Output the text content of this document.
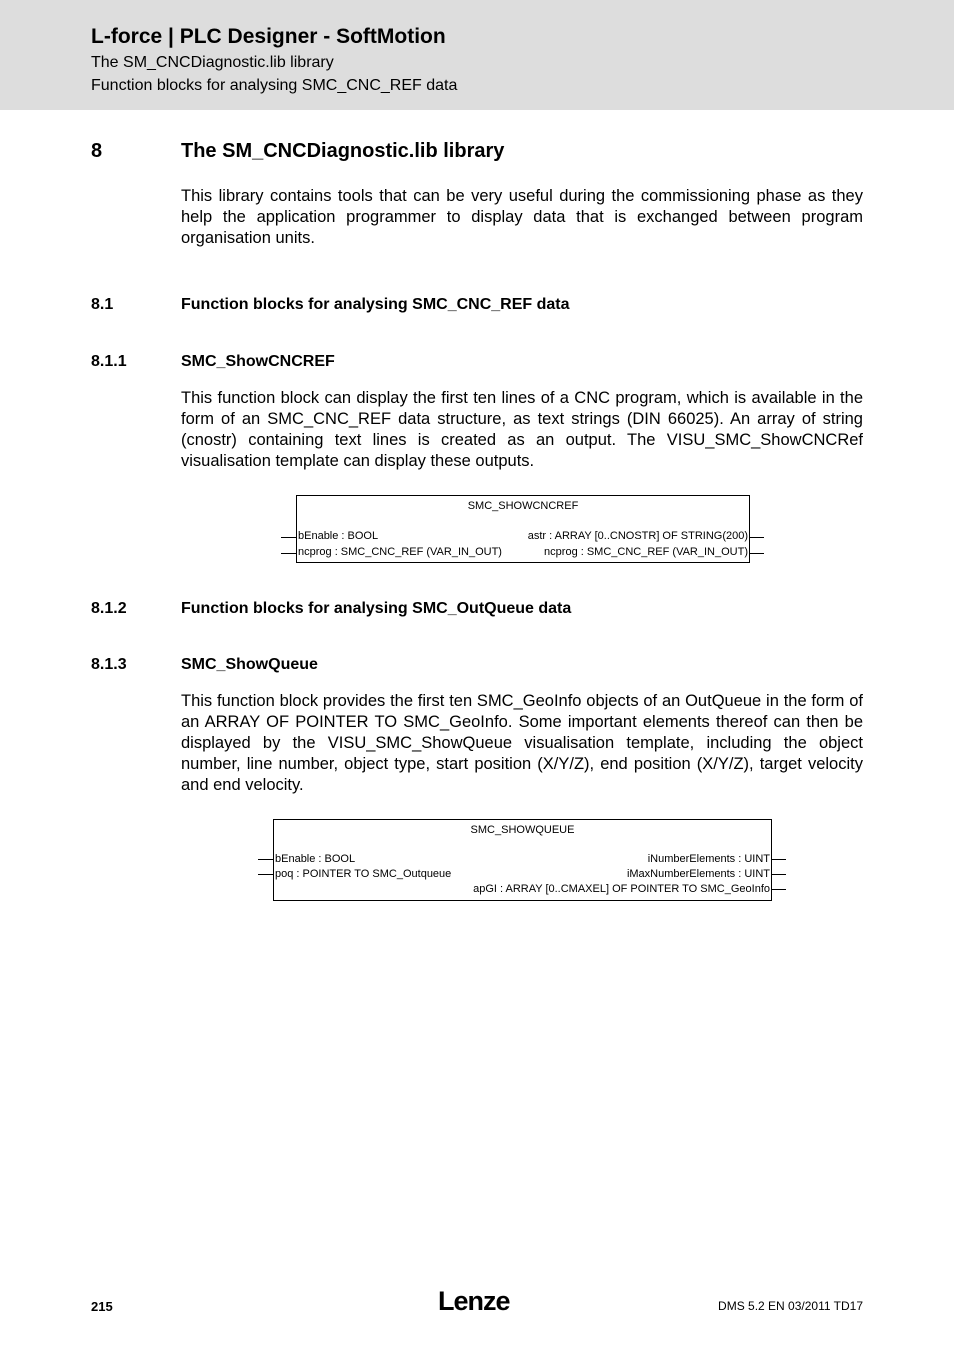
L-force | PLC Designer - SoftMotion
The SM_CNCDiagnostic.lib library
Function blocks for analysing SMC_CNC_REF data
8	The SM_CNCDiagnostic.lib library
This library contains tools that can be very useful during the commissioning phase as they help the application programmer to display data that is exchanged between program organisation units.
8.1	Function blocks for analysing SMC_CNC_REF data
8.1.1	SMC_ShowCNCREF
This function block can display the first ten lines of a CNC program, which is available in the form of an SMC_CNC_REF data structure, as text strings (DIN 66025). An array of string (cnostr) containing text lines is created as an output. The VISU_SMC_ShowCNCRef visualisation template can display these outputs.
SMC_SHOWCNCREF
bEnable : BOOL
ncprog : SMC_CNC_REF (VAR_IN_OUT)
astr : ARRAY [0..CNOSTR] OF STRING(200)
ncprog : SMC_CNC_REF (VAR_IN_OUT)
8.1.2	Function blocks for analysing SMC_OutQueue data
8.1.3	SMC_ShowQueue
This function block provides the first ten SMC_GeoInfo objects of an OutQueue in the form of an ARRAY OF POINTER TO SMC_GeoInfo. Some important elements thereof can then be displayed by the VISU_SMC_ShowQueue visualisation template, including the object number, line number, object type, start position (X/Y/Z), end position (X/Y/Z), target velocity and end velocity.
SMC_SHOWQUEUE
bEnable : BOOL
poq : POINTER TO SMC_Outqueue
iNumberElements : UINT
iMaxNumberElements : UINT
apGI : ARRAY [0..CMAXEL] OF POINTER TO SMC_GeoInfo
215	Lenze	DMS 5.2 EN 03/2011 TD17
